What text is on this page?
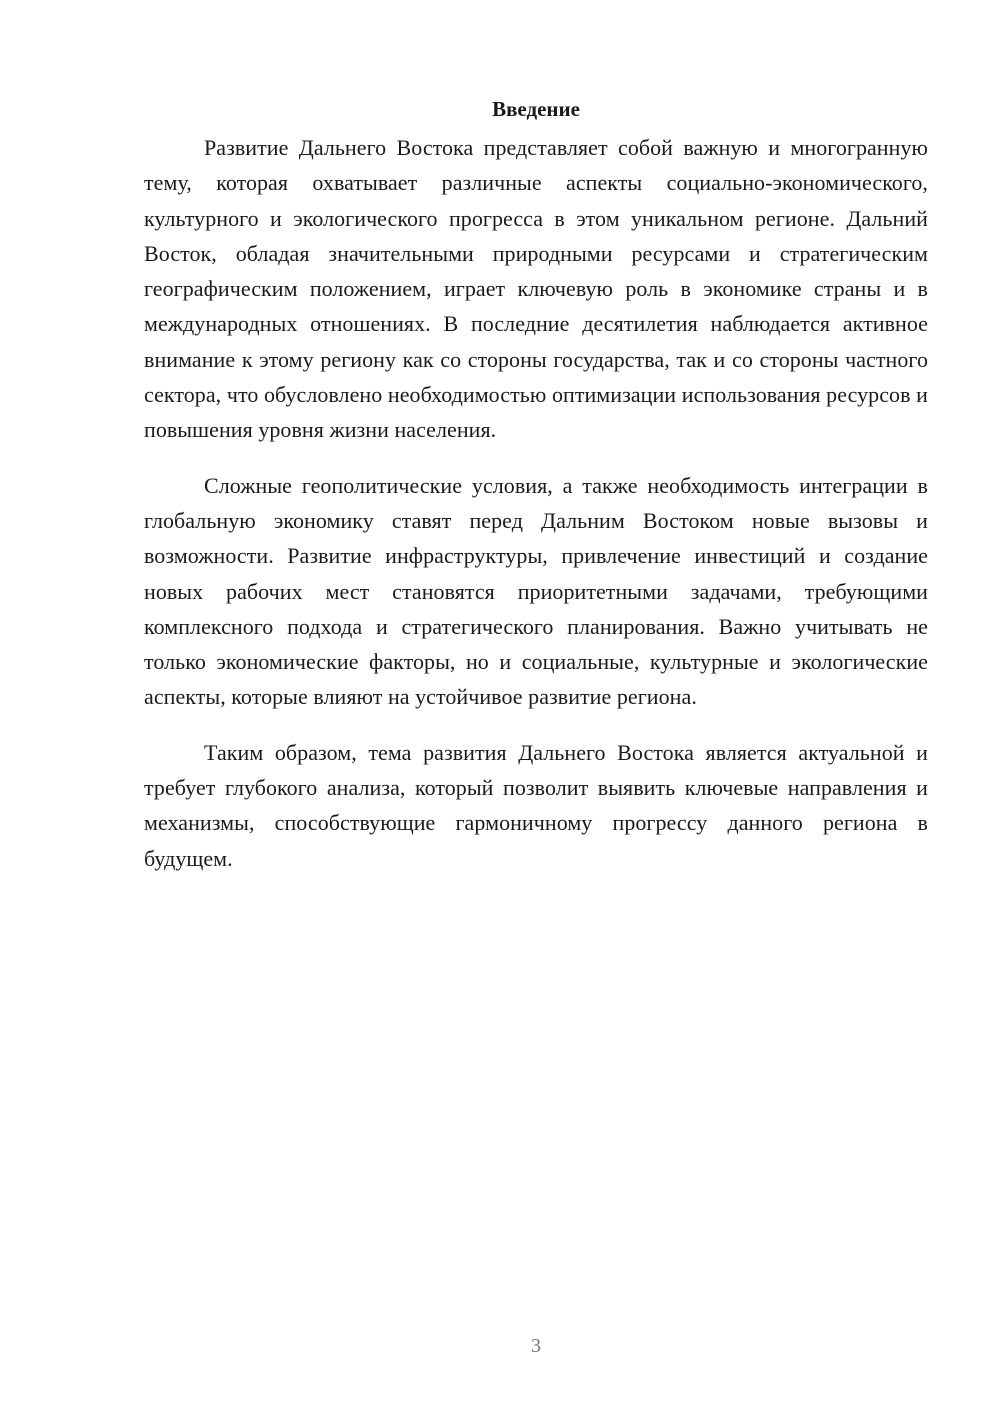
Введение

Развитие Дальнего Востока представляет собой важную и многогранную тему, которая охватывает различные аспекты социально-экономического, культурного и экологического прогресса в этом уникальном регионе. Дальний Восток, обладая значительными природными ресурсами и стратегическим географическим положением, играет ключевую роль в экономике страны и в международных отношениях. В последние десятилетия наблюдается активное внимание к этому региону как со стороны государства, так и со стороны частного сектора, что обусловлено необходимостью оптимизации использования ресурсов и повышения уровня жизни населения.

Сложные геополитические условия, а также необходимость интеграции в глобальную экономику ставят перед Дальним Востоком новые вызовы и возможности. Развитие инфраструктуры, привлечение инвестиций и создание новых рабочих мест становятся приоритетными задачами, требующими комплексного подхода и стратегического планирования. Важно учитывать не только экономические факторы, но и социальные, культурные и экологические аспекты, которые влияют на устойчивое развитие региона.

Таким образом, тема развития Дальнего Востока является актуальной и требует глубокого анализа, который позволит выявить ключевые направления и механизмы, способствующие гармоничному прогрессу данного региона в будущем.

3
